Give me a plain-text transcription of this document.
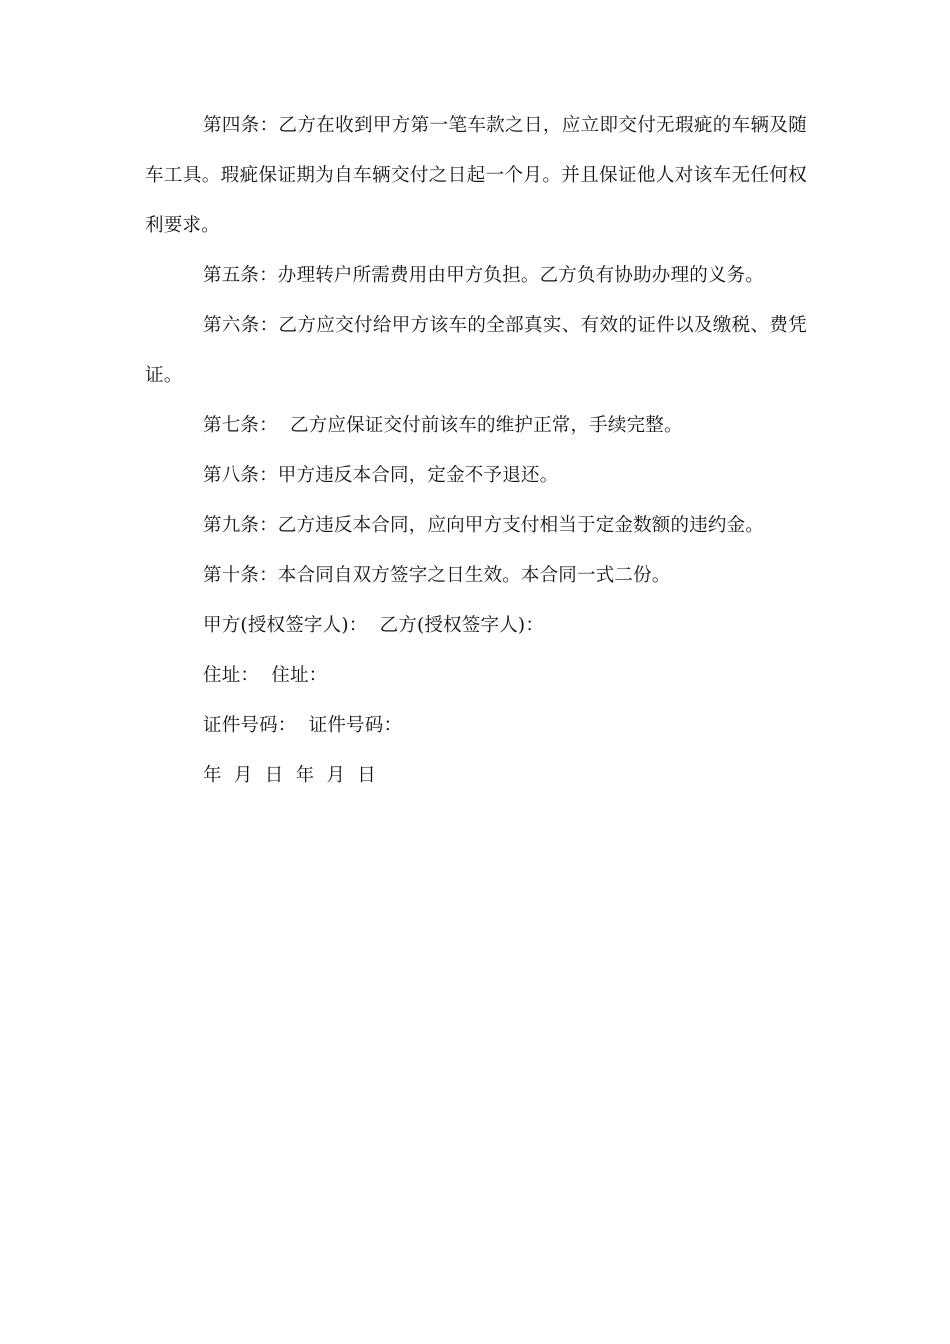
第四条：乙方在收到甲方第一笔车款之日，应立即交付无瑕疵的车辆及随车工具。瑕疵保证期为自车辆交付之日起一个月。并且保证他人对该车无任何权利要求。

第五条：办理转户所需费用由甲方负担。乙方负有协助办理的义务。

第六条：乙方应交付给甲方该车的全部真实、有效的证件以及缴税、费凭证。

第七条：  乙方应保证交付前该车的维护正常，手续完整。

第八条：甲方违反本合同，定金不予退还。

第九条：乙方违反本合同，应向甲方支付相当于定金数额的违约金。

第十条：本合同自双方签字之日生效。本合同一式二份。

甲方(授权签字人)：  乙方(授权签字人)：
住址：  住址：
证件号码：  证件号码：
年  月  日  年  月  日
